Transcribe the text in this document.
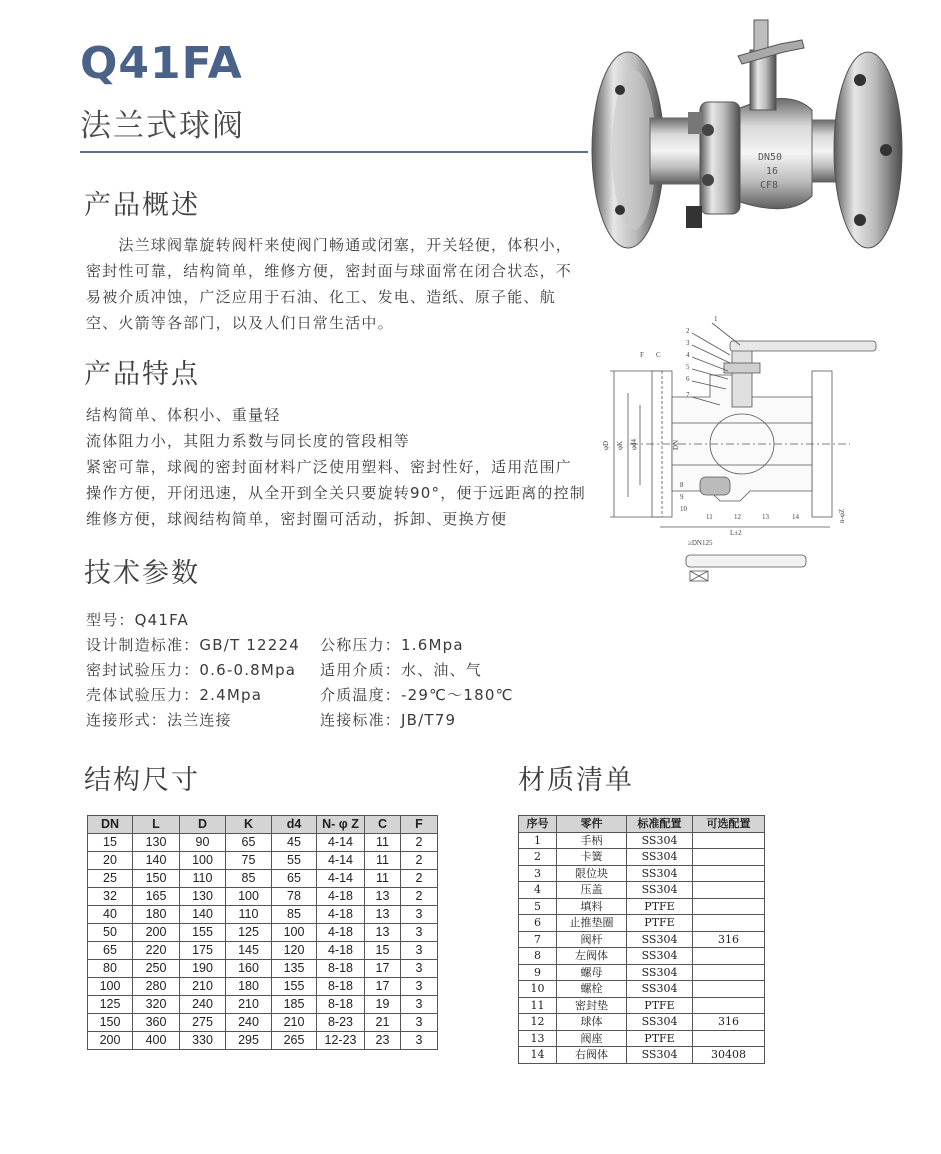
Q41FA
法兰式球阀
DN50
16
CF8
产品概述
　　法兰球阀靠旋转阀杆来使阀门畅通或闭塞，开关轻便，体积小，密封性可靠，结构简单，维修方便，密封面与球面常在闭合状态，不易被介质冲蚀，广泛应用于石油、化工、发电、造纸、原子能、航空、火箭等各部门，以及人们日常生活中。
产品特点

结构简单、体积小、重量轻

流体阻力小，其阻力系数与同长度的管段相等

紧密可靠，球阀的密封面材料广泛使用塑料、密封性好，适用范围广

操作方便，开闭迅速，从全开到全关只要旋转90°，便于远距离的控制

维修方便，球阀结构简单，密封圈可活动，拆卸、更换方便

1
2
3
4
5
6
7
8
9
10
11	12	13	14
L±2
≥DN125
φD φK φd4	DN
F C
n-φZ
技术参数
型号：Q41FA
设计制造标准：GB/T 12224 公称压力：1.6Mpa
密封试验压力：0.6-0.8Mpa 适用介质：水、油、气
壳体试验压力：2.4Mpa	介质温度：-29℃～180℃
连接形式：法兰连接	连接标准：JB/T79
结构尺寸
DN	L	D	K	d4	N- φ Z	C	F
15	130	90	65	45	4-14	11	2
20	140	100	75	55	4-14	11	2
25	150	110	85	65	4-14	11	2
32	165	130	100	78	4-18	13	2
40	180	140	110	85	4-18	13	3
50	200	155	125	100	4-18	13	3
65	220	175	145	120	4-18	15	3
80	250	190	160	135	8-18	17	3
100	280	210	180	155	8-18	17	3
125	320	240	210	185	8-18	19	3
150	360	275	240	210	8-23	21	3
200	400	330	295	265	12-23	23	3
材质清单
序号	零件	标准配置	可选配置
1	手柄	SS304	
2	卡簧	SS304	
3	限位块	SS304	
4	压盖	SS304	
5	填料	PTFE	
6	止推垫圈	PTFE	
7	阀杆	SS304	316
8	左阀体	SS304	
9	螺母	SS304	
10	螺栓	SS304	
11	密封垫	PTFE	
12	球体	SS304	316
13	阀座	PTFE	
14	右阀体	SS304	30408
